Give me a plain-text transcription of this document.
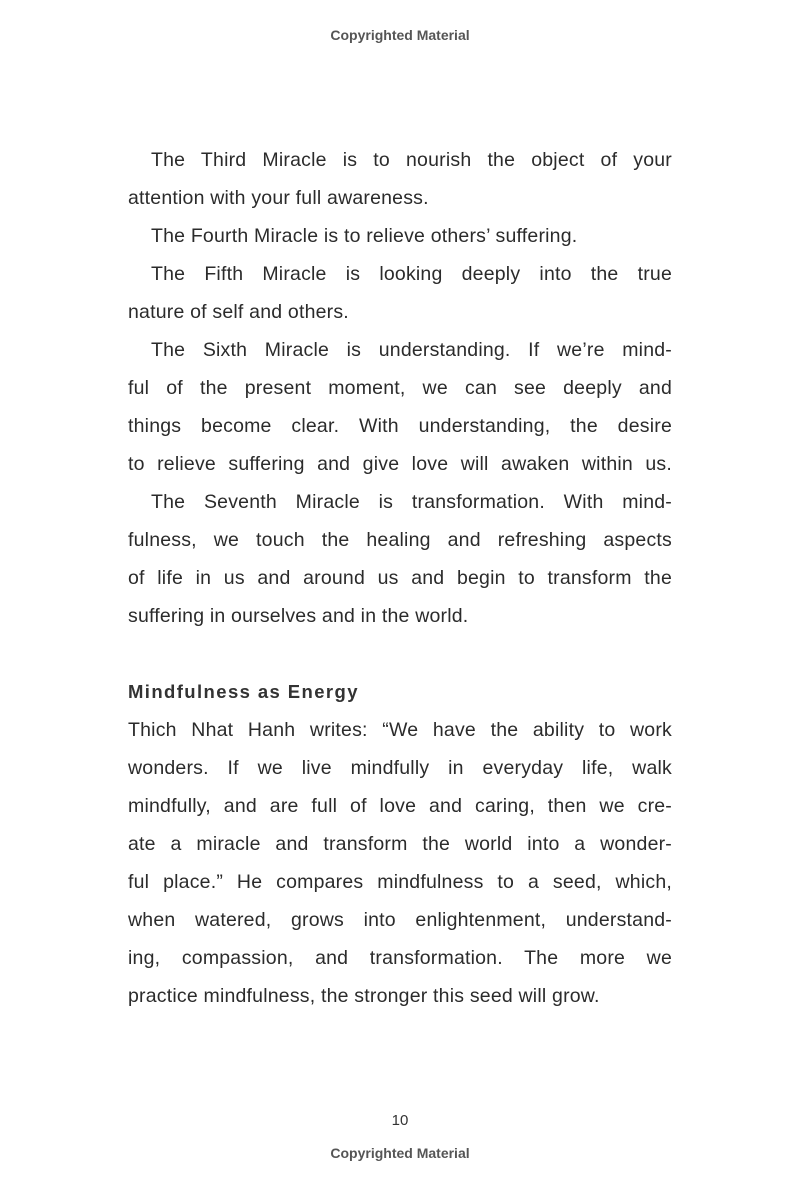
Copyrighted Material
The Third Miracle is to nourish the object of your
attention with your full awareness.
The Fourth Miracle is to relieve others’ suffering.
The Fifth Miracle is looking deeply into the true
nature of self and others.
The Sixth Miracle is understanding. If we’re mind-
ful of the present moment, we can see deeply and
things become clear. With understanding, the desire
to relieve suffering and give love will awaken within us.
The Seventh Miracle is transformation. With mind-
fulness, we touch the healing and refreshing aspects
of life in us and around us and begin to transform the
suffering in ourselves and in the world.
Mindfulness as Energy
Thich Nhat Hanh writes: “We have the ability to work
wonders. If we live mindfully in everyday life, walk
mindfully, and are full of love and caring, then we cre-
ate a miracle and transform the world into a wonder-
ful place.” He compares mindfulness to a seed, which,
when watered, grows into enlightenment, understand-
ing, compassion, and transformation. The more we
practice mindfulness, the stronger this seed will grow.
10
Copyrighted Material
